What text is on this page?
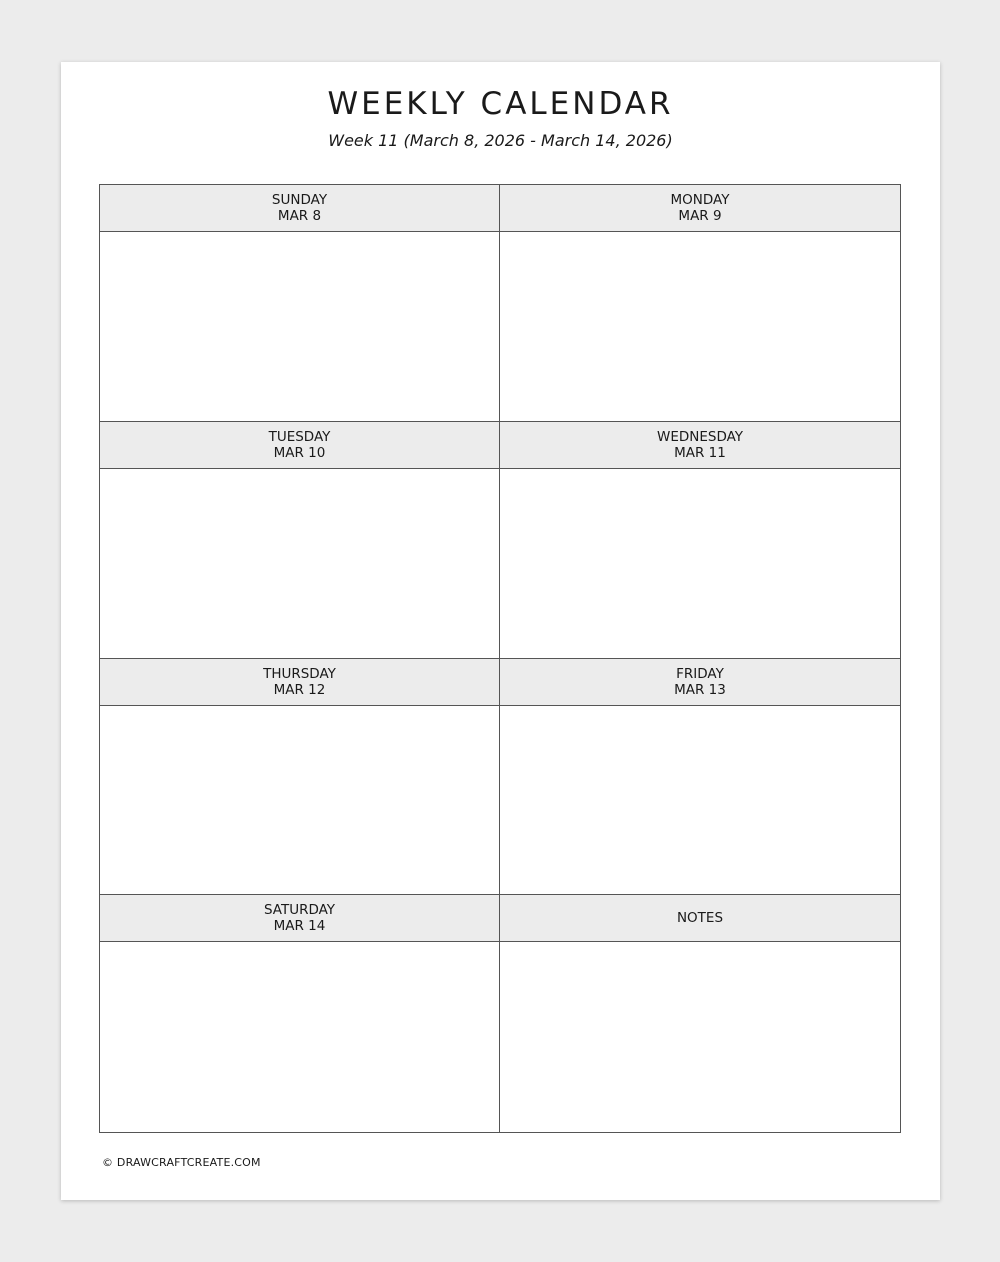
WEEKLY CALENDAR
Week 11 (March 8, 2026 - March 14, 2026)
SUNDAY
MAR 8
MONDAY
MAR 9
TUESDAY
MAR 10
WEDNESDAY
MAR 11
THURSDAY
MAR 12
FRIDAY
MAR 13
SATURDAY
MAR 14	NOTES
© DRAWCRAFTCREATE.COM
